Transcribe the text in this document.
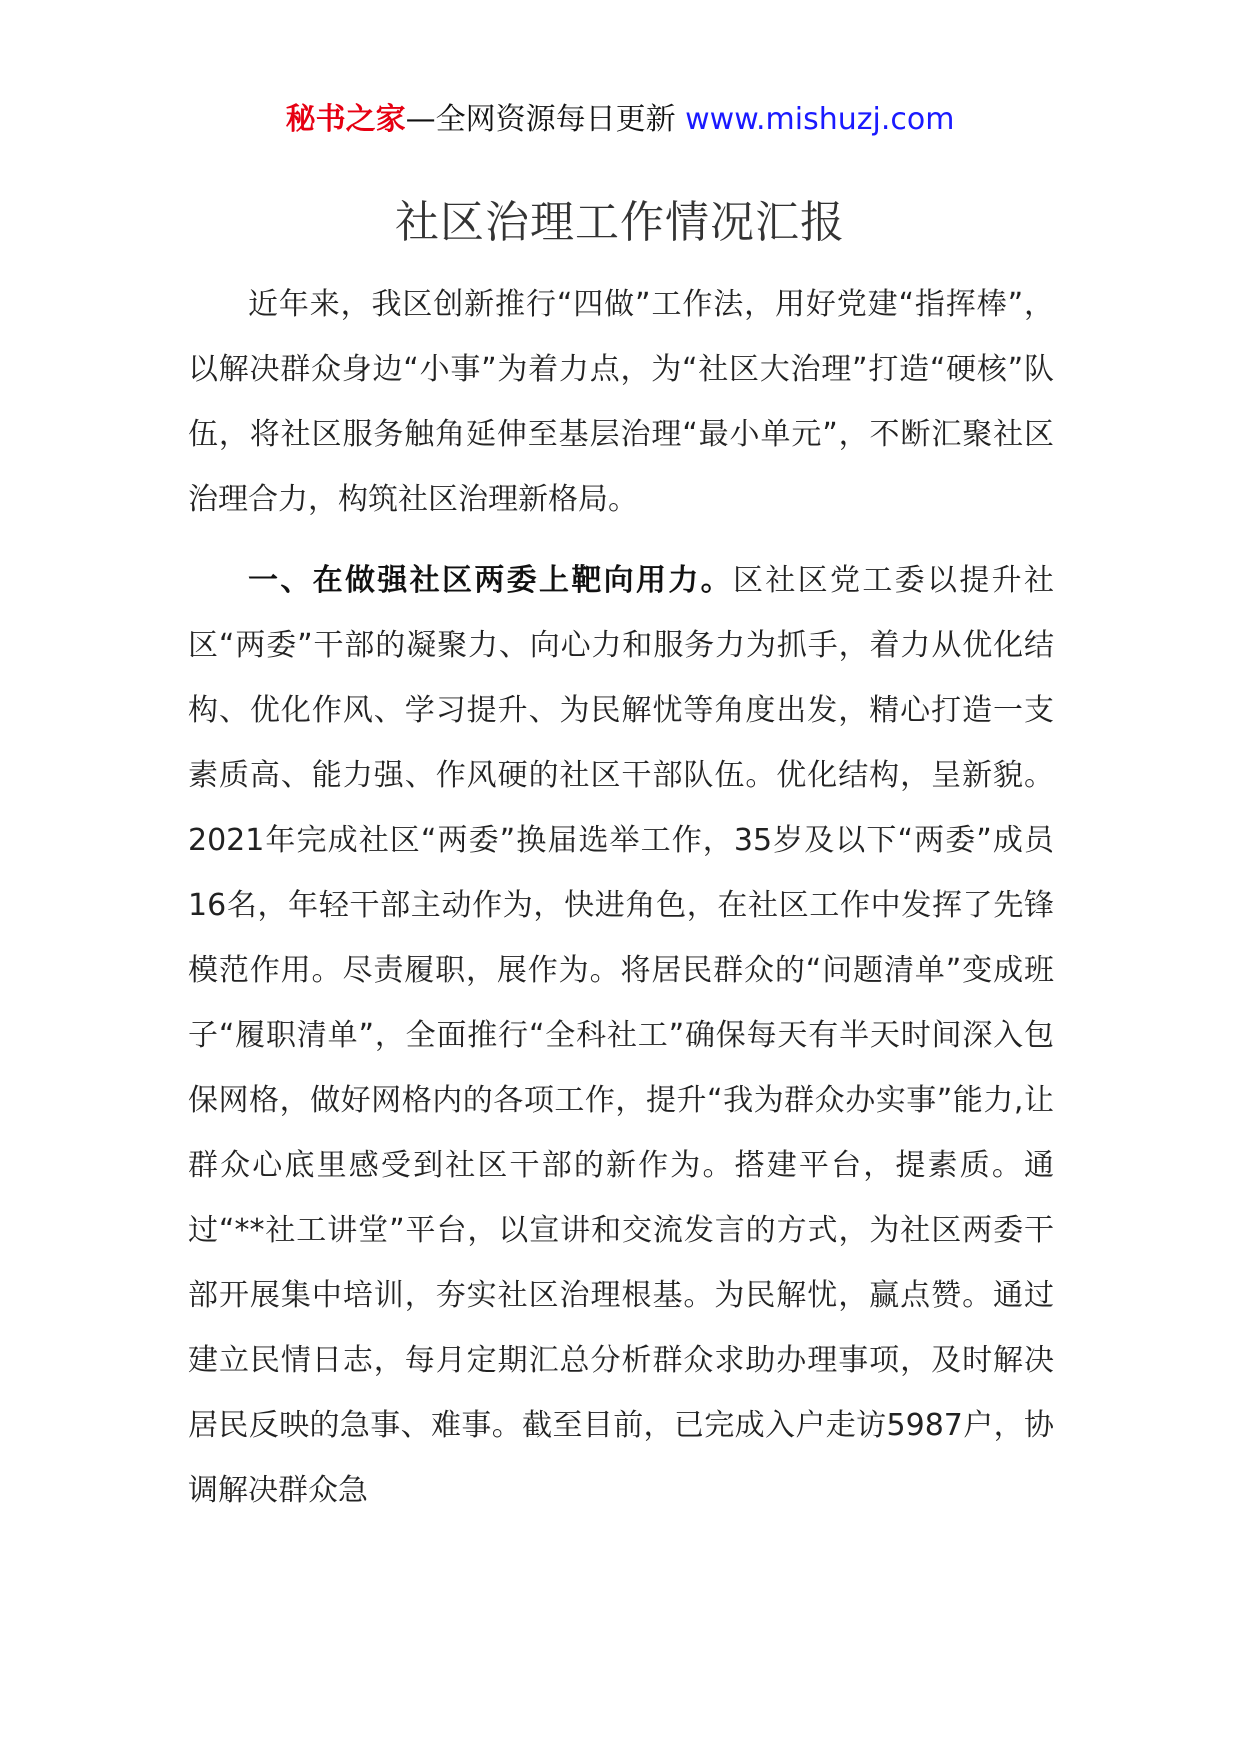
秘书之家—全网资源每日更新 www.mishuzj.com
社区治理工作情况汇报

近年来，我区创新推行“四做”工作法，用好党建“指挥棒”，以解决群众身边“小事”为着力点，为“社区大治理”打造“硬核”队伍，将社区服务触角延伸至基层治理“最小单元”，不断汇聚社区治理合力，构筑社区治理新格局。

一、在做强社区两委上靶向用力。区社区党工委以提升社区“两委”干部的凝聚力、向心力和服务力为抓手，着力从优化结构、优化作风、学习提升、为民解忧等角度出发，精心打造一支素质高、能力强、作风硬的社区干部队伍。优化结构，呈新貌。2021年完成社区“两委”换届选举工作，35岁及以下“两委”成员16名，年轻干部主动作为，快进角色，在社区工作中发挥了先锋模范作用。尽责履职，展作为。将居民群众的“问题清单”变成班子“履职清单”，全面推行“全科社工”确保每天有半天时间深入包保网格，做好网格内的各项工作，提升“我为群众办实事”能力,让群众心底里感受到社区干部的新作为。搭建平台，提素质。通过“**社工讲堂”平台，以宣讲和交流发言的方式，为社区两委干部开展集中培训，夯实社区治理根基。为民解忧，赢点赞。通过建立民情日志，每月定期汇总分析群众求助办理事项，及时解决居民反映的急事、难事。截至目前，已完成入户走访5987户，协调解决群众急
